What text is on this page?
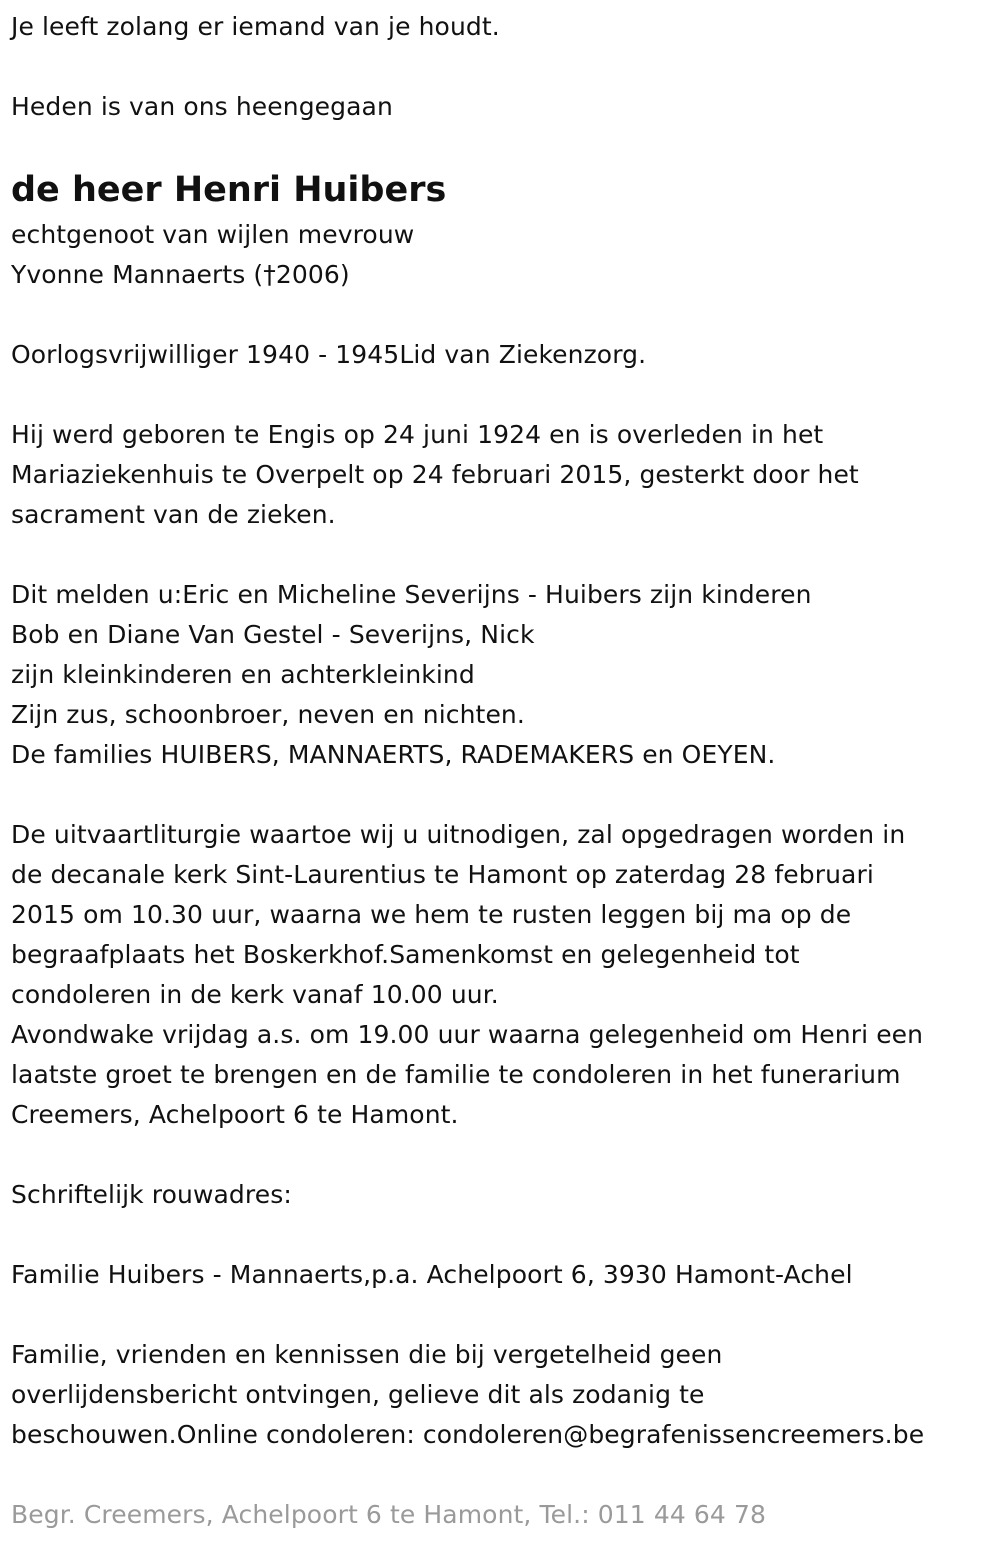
Je leeft zolang er iemand van je houdt.
Heden is van ons heengegaan
de heer Henri Huibers
echtgenoot van wijlen mevrouw
Yvonne Mannaerts (†2006)
Oorlogsvrijwilliger 1940 - 1945Lid van Ziekenzorg.
Hij werd geboren te Engis op 24 juni 1924 en is overleden in het
Mariaziekenhuis te Overpelt op 24 februari 2015, gesterkt door het
sacrament van de zieken.
Dit melden u:Eric en Micheline Severijns - Huibers zijn kinderen
Bob en Diane Van Gestel - Severijns, Nick
zijn kleinkinderen en achterkleinkind
Zijn zus, schoonbroer, neven en nichten.
De families HUIBERS, MANNAERTS, RADEMAKERS en OEYEN.
De uitvaartliturgie waartoe wij u uitnodigen, zal opgedragen worden in
de decanale kerk Sint-Laurentius te Hamont op zaterdag 28 februari
2015 om 10.30 uur, waarna we hem te rusten leggen bij ma op de
begraafplaats het Boskerkhof.Samenkomst en gelegenheid tot
condoleren in de kerk vanaf 10.00 uur.
Avondwake vrijdag a.s. om 19.00 uur waarna gelegenheid om Henri een
laatste groet te brengen en de familie te condoleren in het funerarium
Creemers, Achelpoort 6 te Hamont.
Schriftelijk rouwadres:
Familie Huibers - Mannaerts,p.a. Achelpoort 6, 3930 Hamont-Achel
Familie, vrienden en kennissen die bij vergetelheid geen
overlijdensbericht ontvingen, gelieve dit als zodanig te
beschouwen.Online condoleren: condoleren@begrafenissencreemers.be
Begr. Creemers, Achelpoort 6 te Hamont, Tel.: 011 44 64 78
